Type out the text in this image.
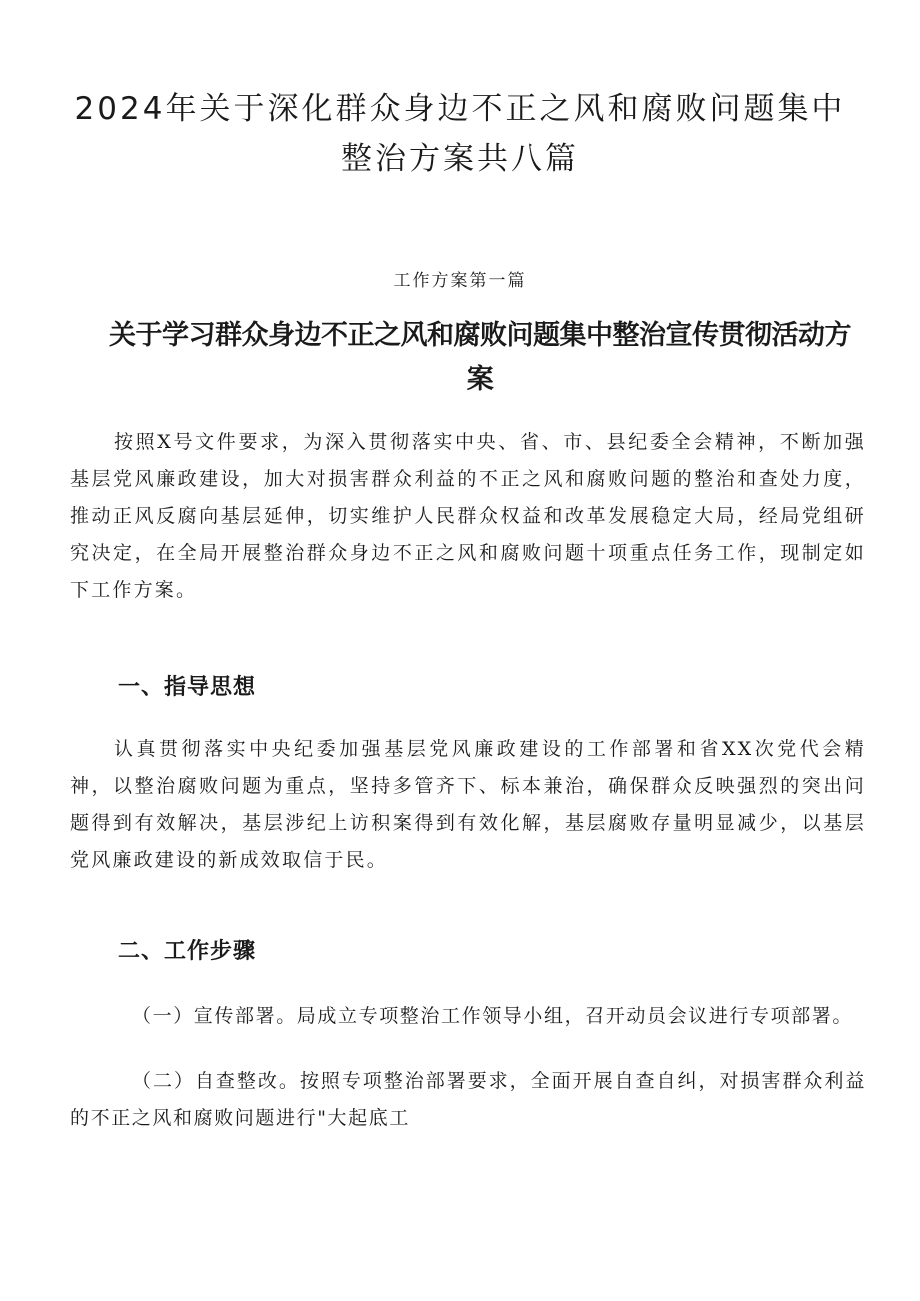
2024年关于深化群众身边不正之风和腐败问题集中整治方案共八篇

工作方案第一篇

关于学习群众身边不正之风和腐败问题集中整治宣传贯彻活动方案

按照X号文件要求，为深入贯彻落实中央、省、市、县纪委全会精神，不断加强基层党风廉政建设，加大对损害群众利益的不正之风和腐败问题的整治和查处力度，推动正风反腐向基层延伸，切实维护人民群众权益和改革发展稳定大局，经局党组研究决定，在全局开展整治群众身边不正之风和腐败问题十项重点任务工作，现制定如下工作方案。

一、指导思想

认真贯彻落实中央纪委加强基层党风廉政建设的工作部署和省XX次党代会精神，以整治腐败问题为重点，坚持多管齐下、标本兼治，确保群众反映强烈的突出问题得到有效解决，基层涉纪上访积案得到有效化解，基层腐败存量明显减少，以基层党风廉政建设的新成效取信于民。

二、工作步骤

（一）宣传部署。局成立专项整治工作领导小组，召开动员会议进行专项部署。

（二）自查整改。按照专项整治部署要求，全面开展自查自纠，对损害群众利益的不正之风和腐败问题进行"大起底工
